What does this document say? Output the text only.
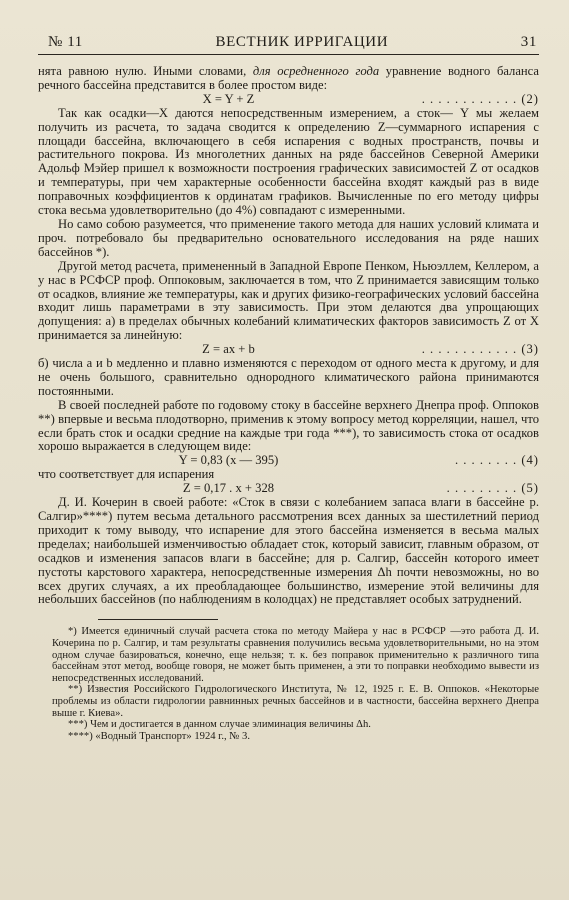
№ 11	ВЕСТНИК ИРРИГАЦИИ	31

нята равною нулю. Иными словами, для осредненного года уравнение водного баланса речного бассейна представится в более простом виде:

X = Y + Z	. . . . . . . . . . . . (2)

Так как осадки—X даются непосредственным измерением, а сток— Y мы желаем получить из расчета, то задача сводится к определению Z—суммарного испарения с площади бассейна, включающего в себя испарения с водных пространств, почвы и растительного покрова. Из многолетних данных на ряде бассейнов Северной Америки Адольф Мэйер пришел к возможности построения графических зависимостей Z от осадков и температуры, при чем характерные особенности бассейна входят каждый раз в виде поправочных коэффициентов к ординатам графиков. Вычисленные по его методу цифры стока весьма удовлетворительно (до 4%) совпадают с измеренными.

Но само собою разумеется, что применение такого метода для наших условий климата и проч. потребовало бы предварительно основательного исследования на ряде наших бассейнов *).

Другой метод расчета, примененный в Западной Европе Пенком, Ньюэллем, Келлером, а у нас в РСФСР проф. Оппоковым, заключается в том, что Z принимается зависящим только от осадков, влияние же температуры, как и других физико-географических условий бассейна входит лишь параметрами в эту зависимость. При этом делаются два упрощающих допущения: а) в пределах обычных колебаний климатических факторов зависимость Z от X принимается за линейную:

Z = ax + b	. . . . . . . . . . . . (3)

б) числа a и b медленно и плавно изменяются с переходом от одного места к другому, и для не очень большого, сравнительно однородного климатического района принимаются постоянными.

В своей последней работе по годовому стоку в бассейне верхнего Днепра проф. Оппоков **) впервые и весьма плодотворно, применив к этому вопросу метод корреляции, нашел, что если брать сток и осадки средние на каждые три года ***), то зависимость стока от осадков хорошо выражается в следующем виде:

Y = 0,83 (x — 395)	. . . . . . . . (4)

что соответствует для испарения

Z = 0,17 . x + 328	. . . . . . . . . (5)

Д. И. Кочерин в своей работе: «Сток в связи с колебанием запаса влаги в бассейне р. Салгир»****) путем весьма детального рассмотрения всех данных за шестилетний период приходит к тому выводу, что испарение для этого бассейна изменяется в весьма малых пределах; наибольшей изменчивостью обладает сток, который зависит, главным образом, от осадков и изменения запасов влаги в бассейне; для р. Салгир, бассейн которого имеет пустоты карстового характера, непосредственные измерения Δh почти невозможны, но во всех других случаях, а их преобладающее большинство, измерение этой величины для небольших бассейнов (по наблюдениям в колодцах) не представляет особых затруднений.

*) Имеется единичный случай расчета стока по методу Майера у нас в РСФСР —это работа Д. И. Кочерина по р. Салгир, и там результаты сравнения получились весьма удовлетворительными, но на этом одном случае базироваться, конечно, еще нельзя; т. к. без поправок применительно к различного типа бассейнам этот метод, вообще говоря, не может быть применен, а эти то поправки необходимо вывести из непосредственных исследований.

**) Известия Российского Гидрологического Института, № 12, 1925 г. Е. В. Оппоков. «Некоторые проблемы из области гидрологии равнинных речных бассейнов и в частности, бассейна верхнего Днепра выше г. Киева».

***) Чем и достигается в данном случае элиминация величины Δh.

****) «Водный Транспорт» 1924 г., № 3.
